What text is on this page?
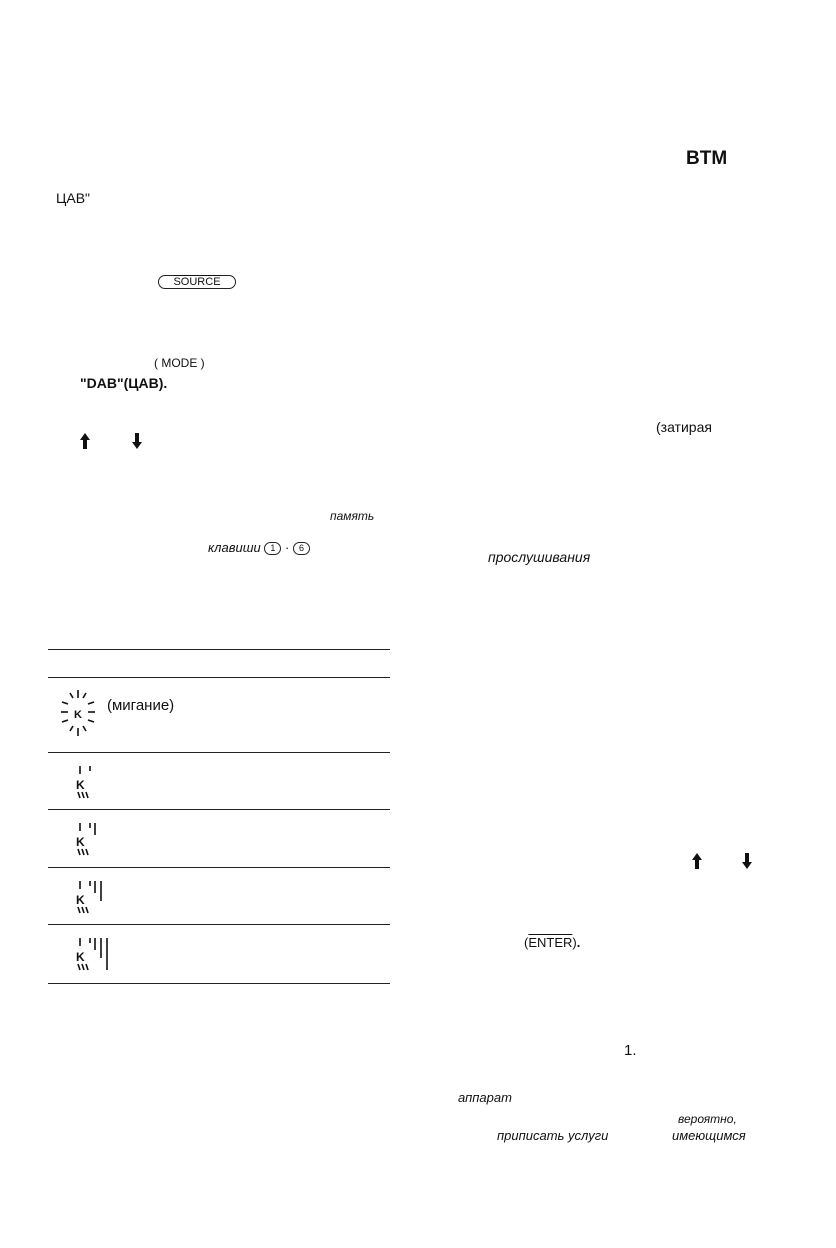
BTM
ЦАВ"
SOURCE
( MODE )
"DAB"(ЦАВ).
память
клавиши 1 · 6
K
(мигание)
K
K
K
K
(затирая
прослушивания
(ENTER).
1.
аппарат
вероятно,
приписать услуги	имеющимся
